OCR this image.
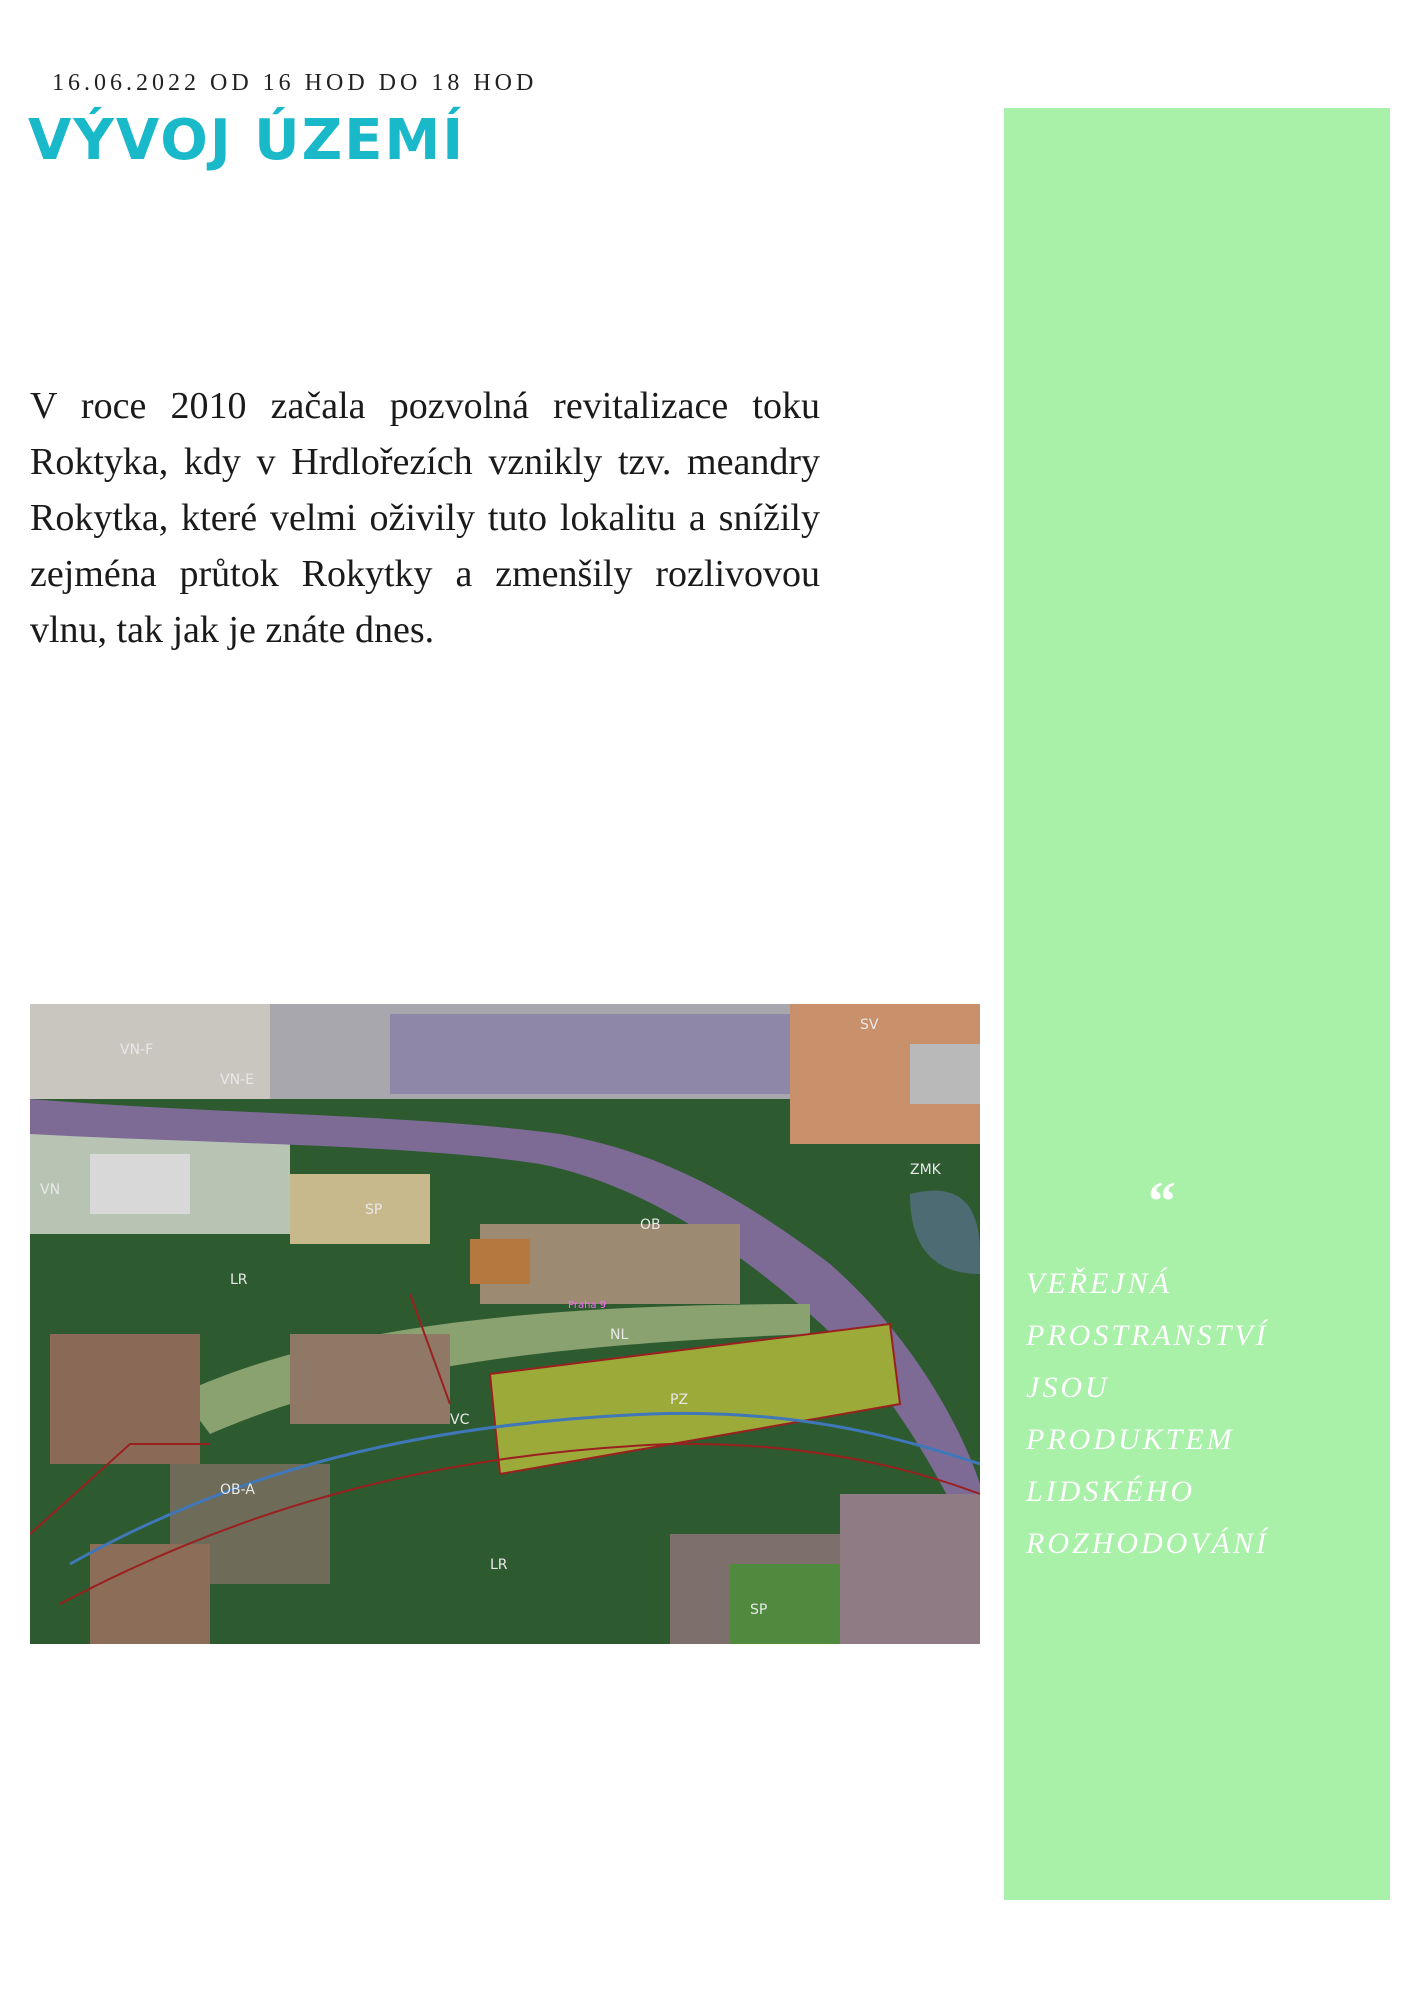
16.06.2022 OD 16 HOD DO 18 HOD
VÝVOJ ÚZEMÍ

V roce 2010 začala pozvolná revitalizace toku Roktyka, kdy v Hrdlořezích vznikly tzv. meandry Rokytka, které velmi oživily tuto lokalitu a snížily zejména průtok Rokytky a zmenšily rozlivovou vlnu, tak jak je znáte dnes.

“
VEŘEJNÁ
PROSTRANSTVÍ
JSOU
PRODUKTEM
LIDSKÉHO
ROZHODOVÁNÍ
VN-F
VN-E
VN
SP
LR
OB
NL
PZ
VC
OB-A
LR
SP
ZMK
SV
Praha 9
